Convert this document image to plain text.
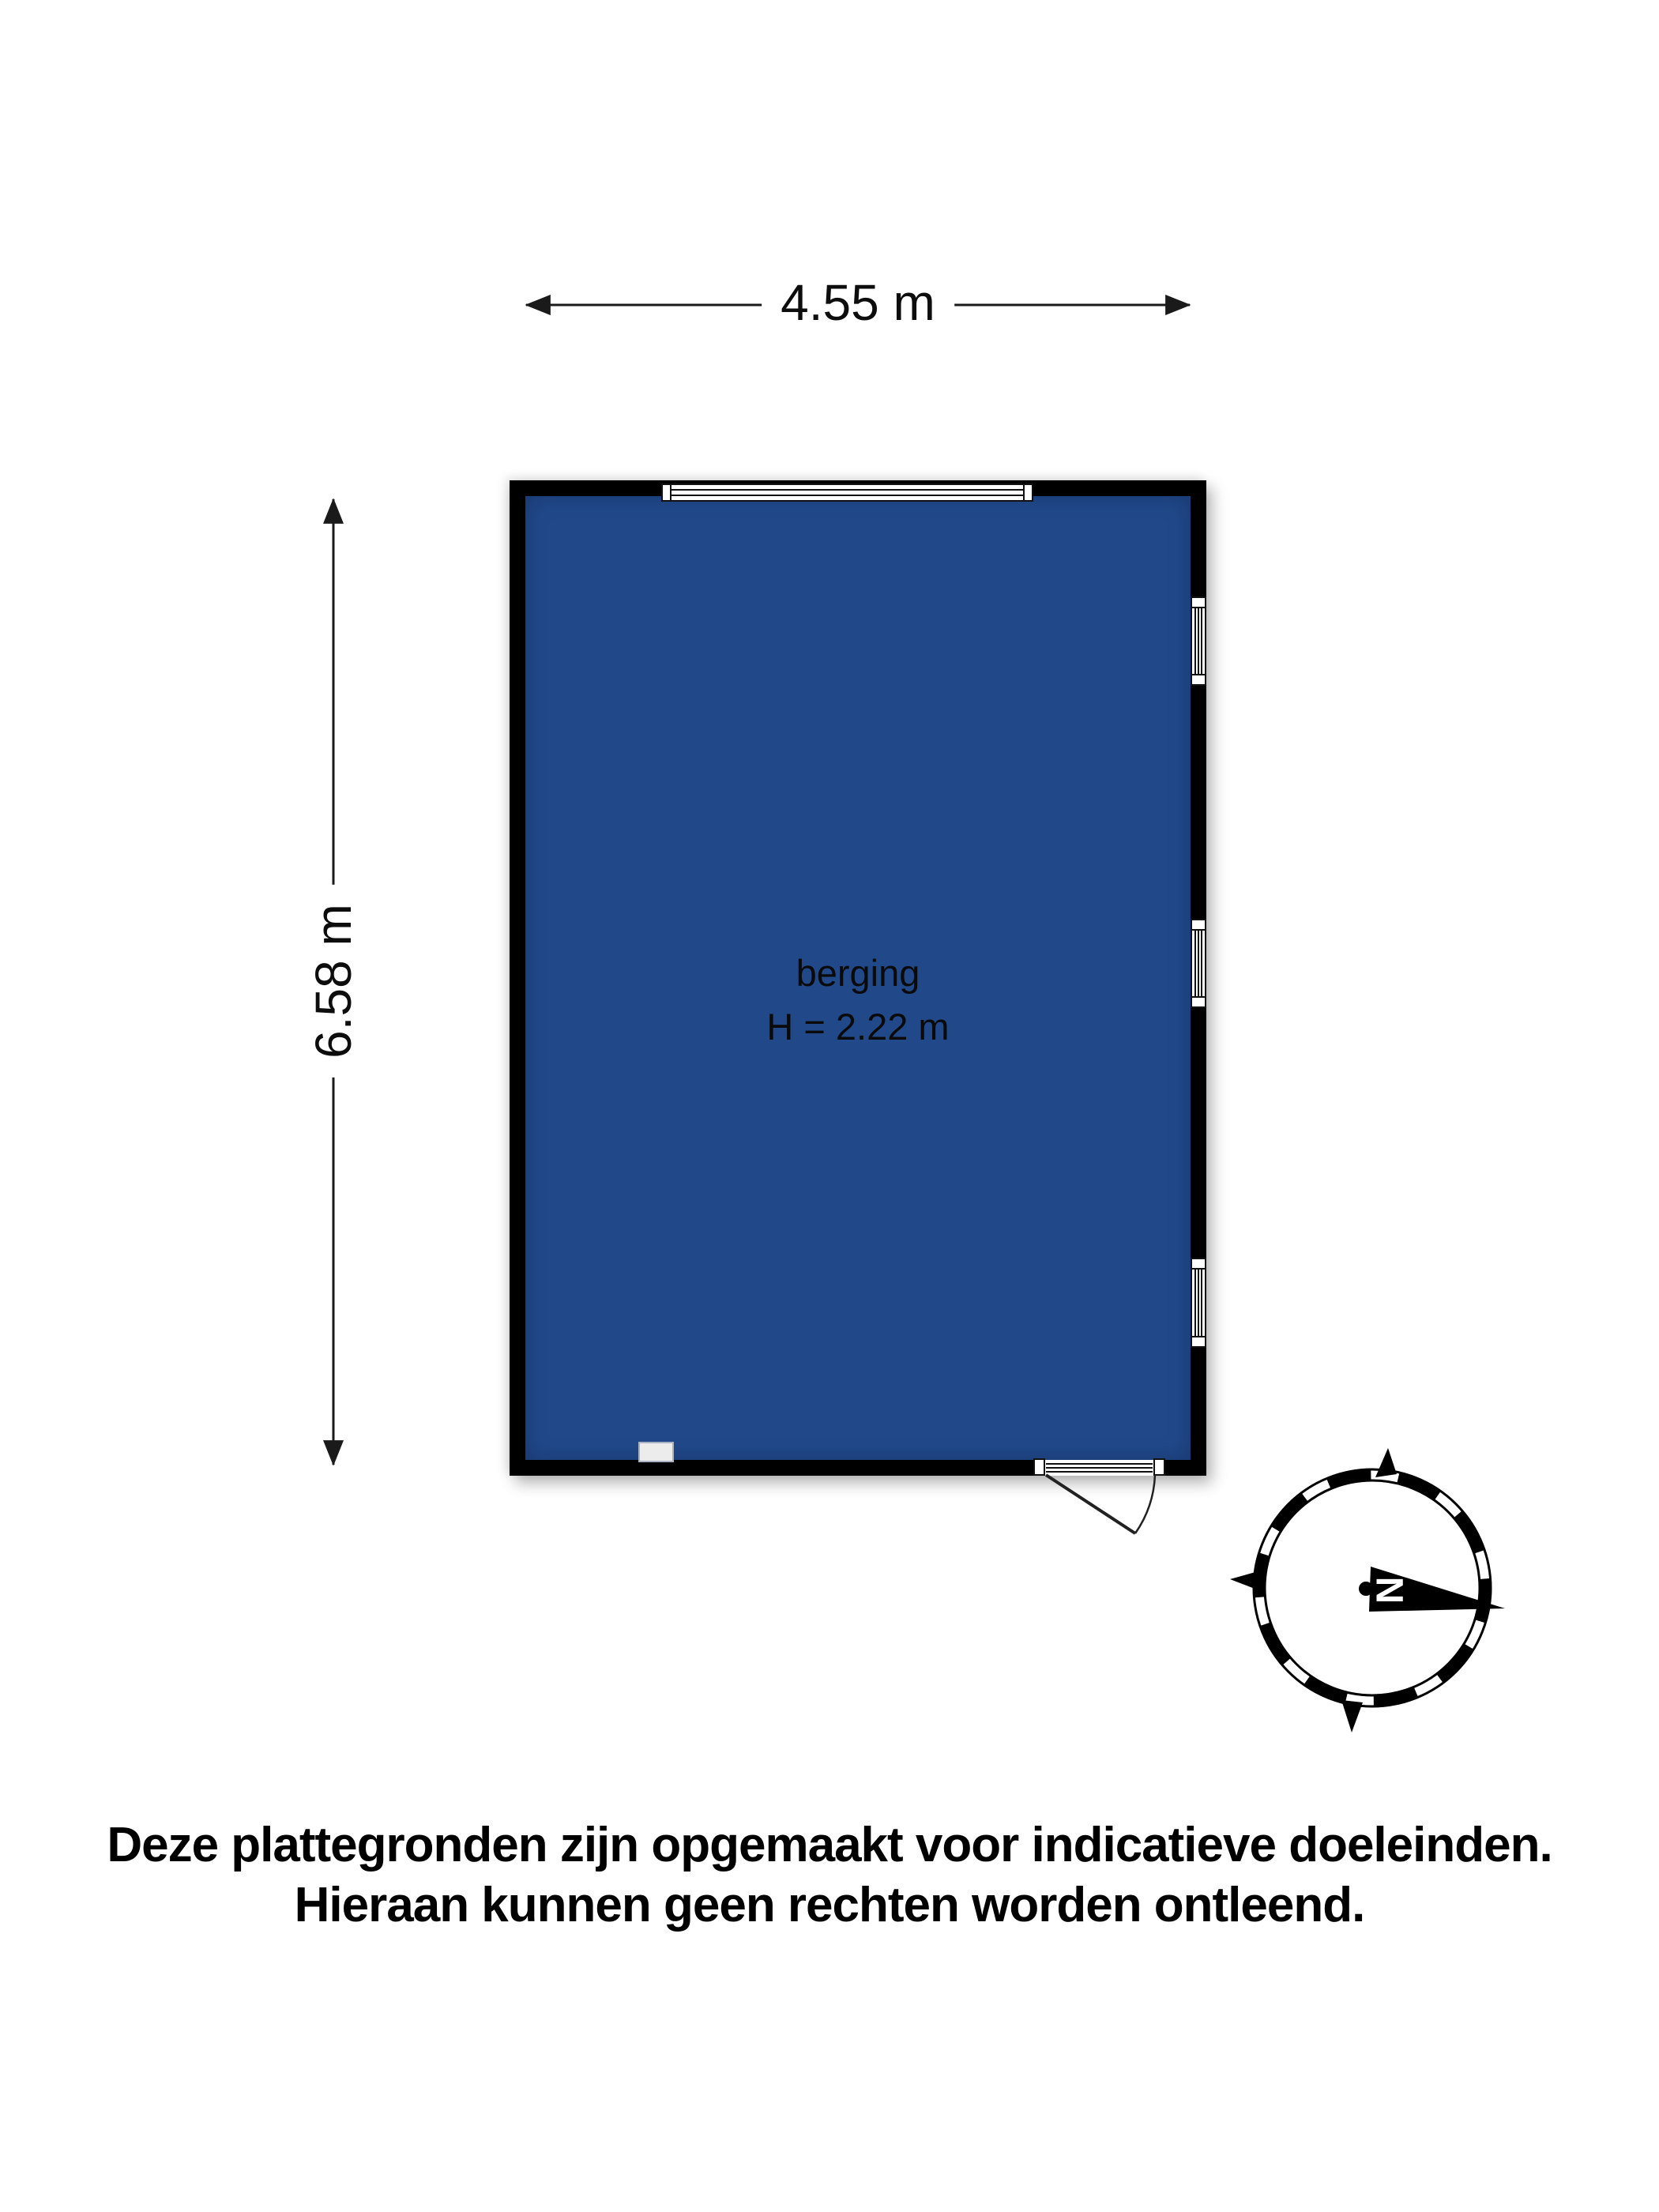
4.55 m
6.58 m	berging
H = 2.22 m
N
Deze plattegronden zijn opgemaakt voor indicatieve doeleinden.
Hieraan kunnen geen rechten worden ontleend.
